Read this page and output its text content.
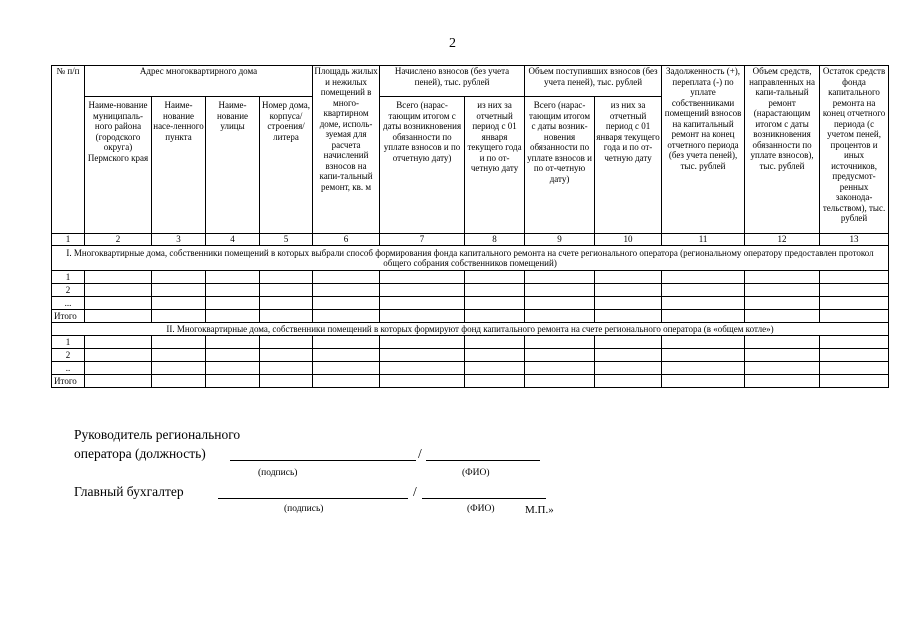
2
№ п/п	Адрес многоквартирного дома				Площадь жилых и нежилых помещений в много-квартирном доме, исполь-зуемая для расчета начислений взносов на капи-тальный ремонт, кв. м	Начислено взносов (без учета пеней), тыс. рублей		Объем поступивших взносов (без учета пеней), тыс. рублей		Задолженность (+), переплата (-) по уплате собственниками помещений взносов на капитальный ремонт на конец отчетного периода (без учета пеней), тыс. рублей	Объем средств, направленных на капи-тальный ремонт (нарастающим итогом с даты возникновения обязанности по уплате взносов), тыс. рублей	Остаток средств фонда капитального ремонта на конец отчетного периода (с учетом пеней, процентов и иных источников, предусмот-ренных законода-тельством), тыс. рублей
	Наиме-нование муниципаль-ного района (городского округа) Пермского края	Наиме-нование насе-ленного пункта	Наиме-нование улицы	Номер дома, корпуса/ строения/ литера		Всего (нарас-тающим итогом с даты возникновения обязанности по уплате взносов и по отчетную дату)	из них за отчетный период с 01 января текущего года и по от-четную дату	Всего (нарас-тающим итогом с даты возник-новения обязанности по уплате взносов и по от-четную дату)	из них за отчетный период с 01 января текущего года и по от-четную дату			
1	2	3	4	5	6	7	8	9	10	11	12	13
I. Многоквартирные дома, собственники помещений в которых выбрали способ формирования фонда капитального ремонта на счете регионального оператора (региональному оператору предоставлен протокол общего собрания собственников помещений)												
1												
2												
...												
Итого												
II. Многоквартирные дома, собственники помещений в которых формируют фонд капитального ремонта на счете регионального оператора (в «общем котле»)												
1												
2												
..												
Итого												
Руководитель регионального
оператора (должность)	/
(подпись)	(ФИО)
Главный бухгалтер	/
(подпись)	(ФИО)	М.П.»
